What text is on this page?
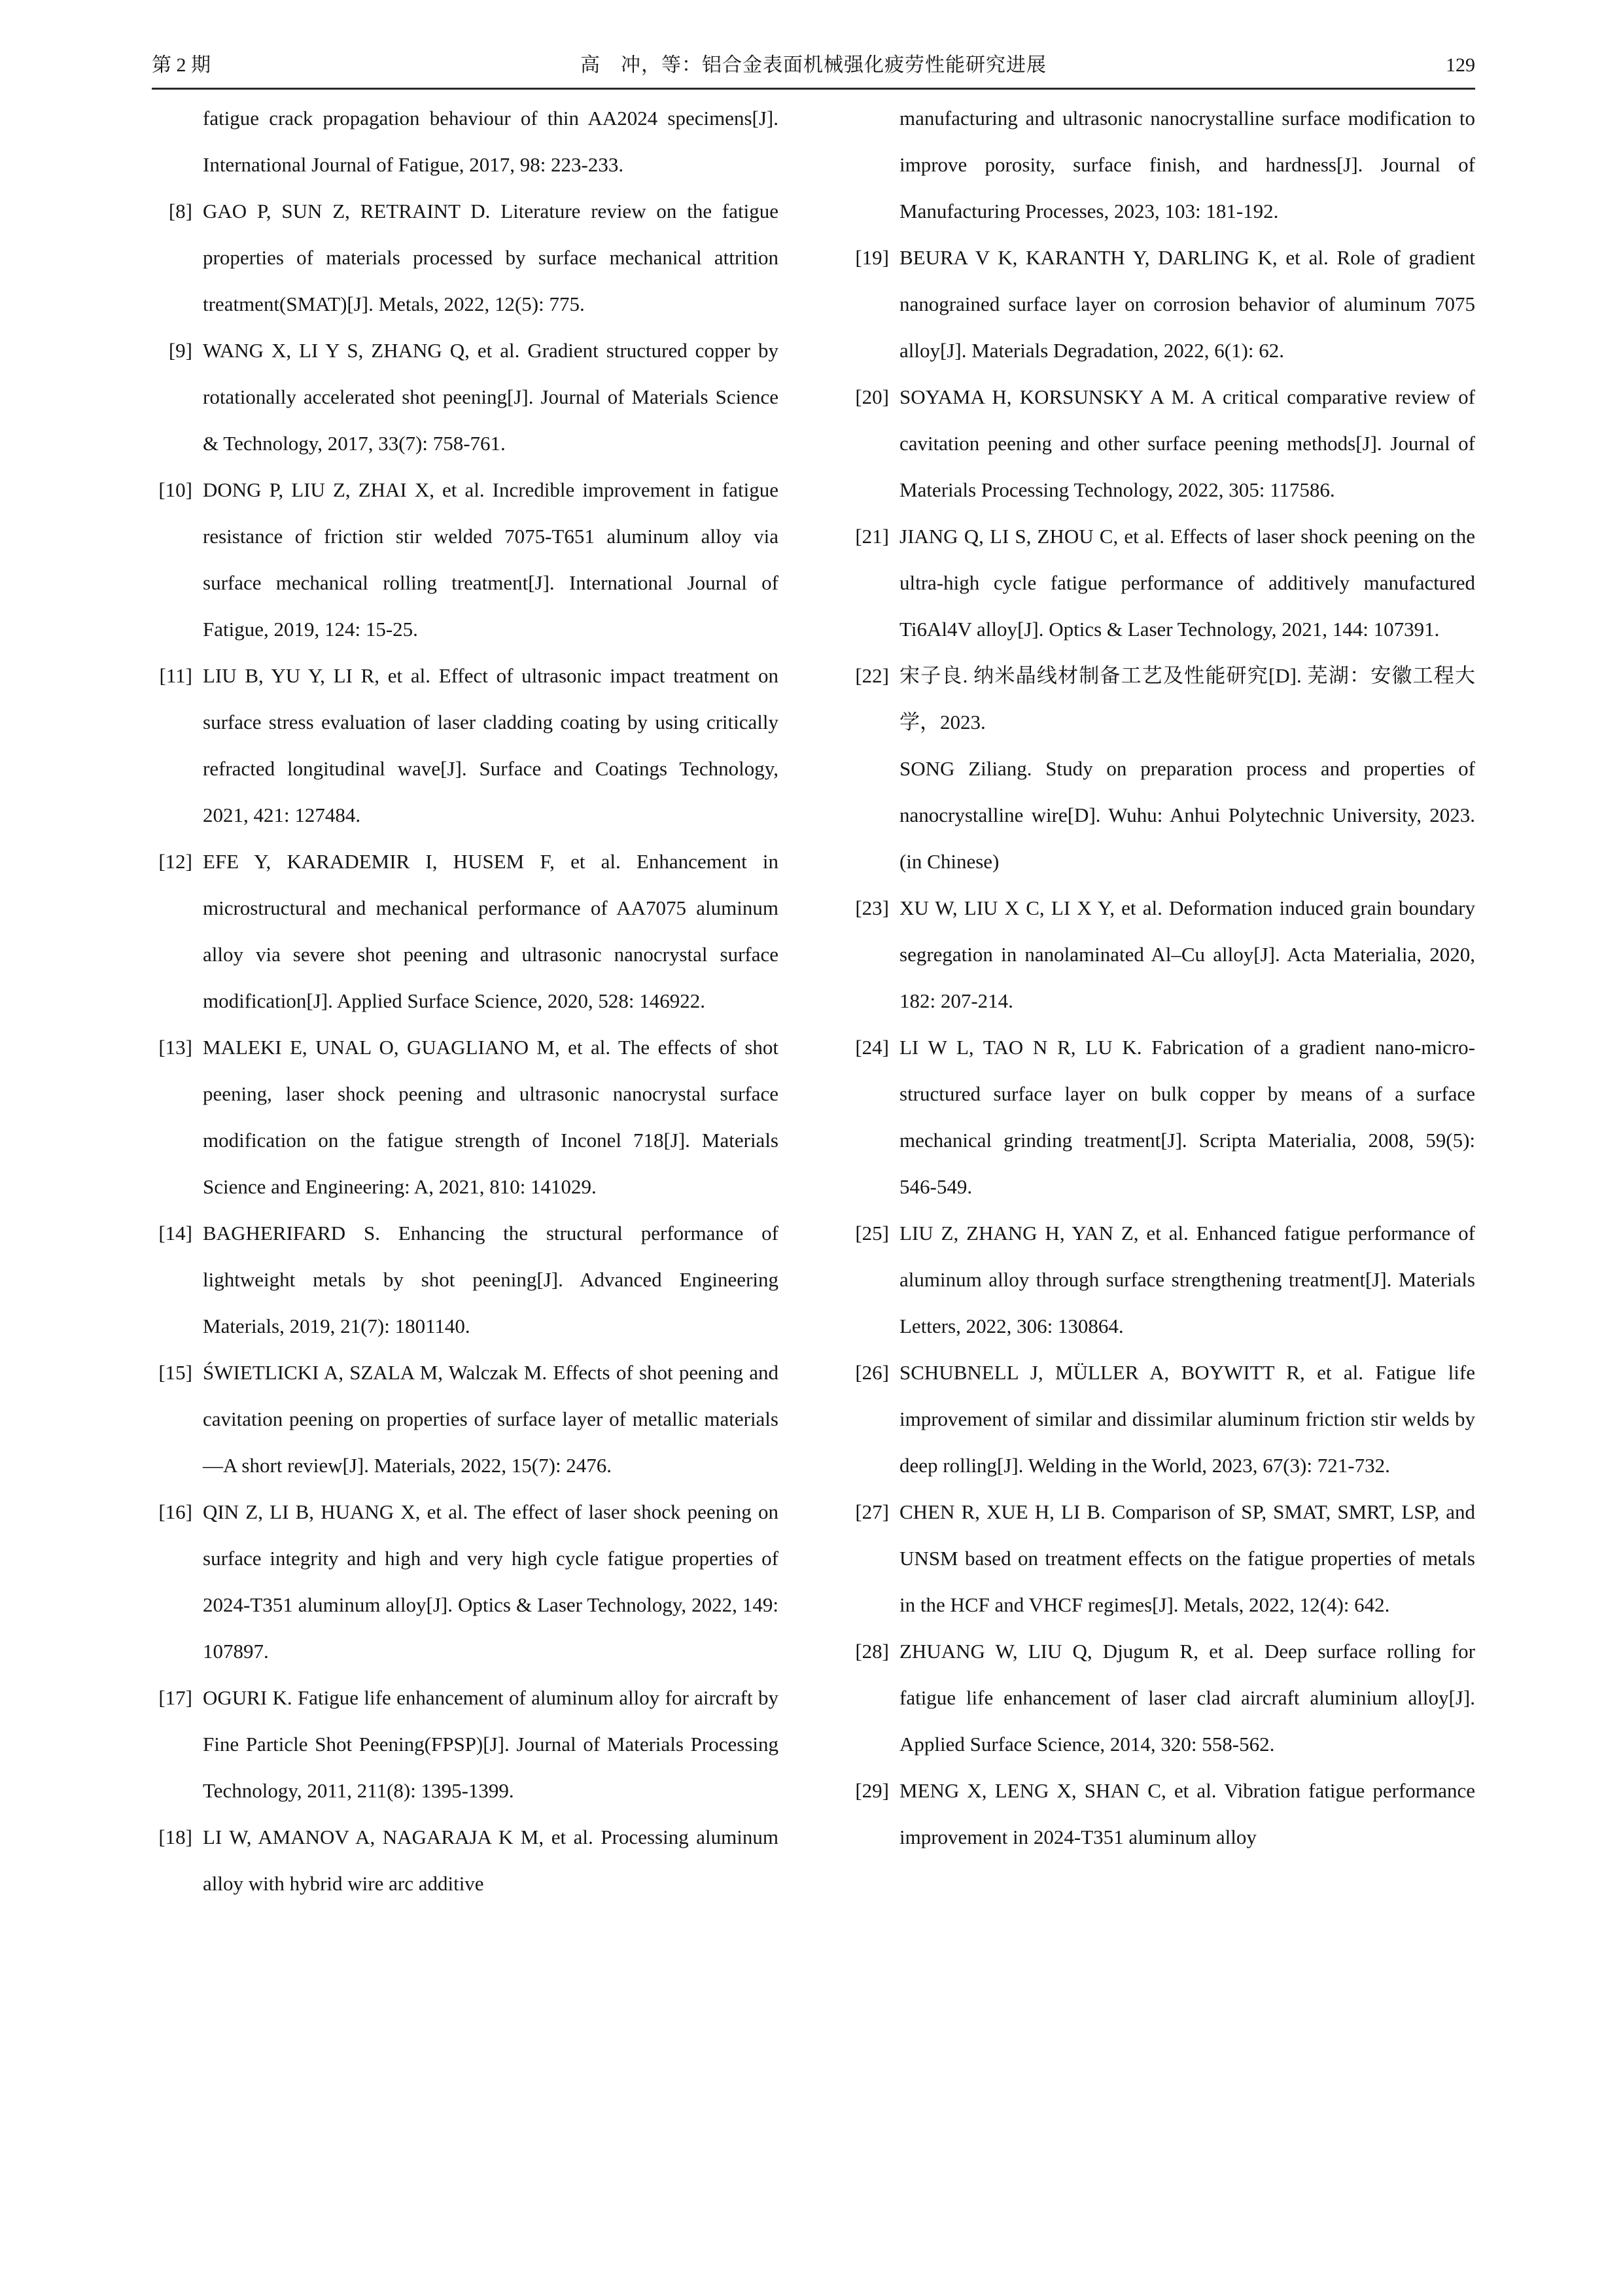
第 2 期	高　冲，等：铝合金表面机械强化疲劳性能研究进展	129
fatigue crack propagation behaviour of thin AA2024 specimens[J]. International Journal of Fatigue, 2017, 98: 223-233.
[8] GAO P, SUN Z, RETRAINT D. Literature review on the fatigue properties of materials processed by surface mechanical attrition treatment(SMAT)[J]. Metals, 2022, 12(5): 775.
[9] WANG X, LI Y S, ZHANG Q, et al. Gradient structured copper by rotationally accelerated shot peening[J]. Journal of Materials Science & Technology, 2017, 33(7): 758-761.
[10] DONG P, LIU Z, ZHAI X, et al. Incredible improvement in fatigue resistance of friction stir welded 7075-T651 aluminum alloy via surface mechanical rolling treatment[J]. International Journal of Fatigue, 2019, 124: 15-25.
[11] LIU B, YU Y, LI R, et al. Effect of ultrasonic impact treatment on surface stress evaluation of laser cladding coating by using critically refracted longitudinal wave[J]. Surface and Coatings Technology, 2021, 421: 127484.
[12] EFE Y, KARADEMIR I, HUSEM F, et al. Enhancement in microstructural and mechanical performance of AA7075 aluminum alloy via severe shot peening and ultrasonic nanocrystal surface modification[J]. Applied Surface Science, 2020, 528: 146922.
[13] MALEKI E, UNAL O, GUAGLIANO M, et al. The effects of shot peening, laser shock peening and ultrasonic nanocrystal surface modification on the fatigue strength of Inconel 718[J]. Materials Science and Engineering: A, 2021, 810: 141029.
[14] BAGHERIFARD S. Enhancing the structural performance of lightweight metals by shot peening[J]. Advanced Engineering Materials, 2019, 21(7): 1801140.
[15] ŚWIETLICKI A, SZALA M, Walczak M. Effects of shot peening and cavitation peening on properties of surface layer of metallic materials—A short review[J]. Materials, 2022, 15(7): 2476.
[16] QIN Z, LI B, HUANG X, et al. The effect of laser shock peening on surface integrity and high and very high cycle fatigue properties of 2024-T351 aluminum alloy[J]. Optics & Laser Technology, 2022, 149: 107897.
[17] OGURI K. Fatigue life enhancement of aluminum alloy for aircraft by Fine Particle Shot Peening(FPSP)[J]. Journal of Materials Processing Technology, 2011, 211(8): 1395-1399.
[18] LI W, AMANOV A, NAGARAJA K M, et al. Processing aluminum alloy with hybrid wire arc additive
manufacturing and ultrasonic nanocrystalline surface modification to improve porosity, surface finish, and hardness[J]. Journal of Manufacturing Processes, 2023, 103: 181-192.
[19] BEURA V K, KARANTH Y, DARLING K, et al. Role of gradient nanograined surface layer on corrosion behavior of aluminum 7075 alloy[J]. Materials Degradation, 2022, 6(1): 62.
[20] SOYAMA H, KORSUNSKY A M. A critical comparative review of cavitation peening and other surface peening methods[J]. Journal of Materials Processing Technology, 2022, 305: 117586.
[21] JIANG Q, LI S, ZHOU C, et al. Effects of laser shock peening on the ultra-high cycle fatigue performance of additively manufactured Ti6Al4V alloy[J]. Optics & Laser Technology, 2021, 144: 107391.
[22] 宋子良. 纳米晶线材制备工艺及性能研究[D]. 芜湖：安徽工程大学，2023.
SONG Ziliang. Study on preparation process and properties of nanocrystalline wire[D]. Wuhu: Anhui Polytechnic University, 2023. (in Chinese)
[23] XU W, LIU X C, LI X Y, et al. Deformation induced grain boundary segregation in nanolaminated Al–Cu alloy[J]. Acta Materialia, 2020, 182: 207-214.
[24] LI W L, TAO N R, LU K. Fabrication of a gradient nano-micro-structured surface layer on bulk copper by means of a surface mechanical grinding treatment[J]. Scripta Materialia, 2008, 59(5): 546-549.
[25] LIU Z, ZHANG H, YAN Z, et al. Enhanced fatigue performance of aluminum alloy through surface strengthening treatment[J]. Materials Letters, 2022, 306: 130864.
[26] SCHUBNELL J, MÜLLER A, BOYWITT R, et al. Fatigue life improvement of similar and dissimilar aluminum friction stir welds by deep rolling[J]. Welding in the World, 2023, 67(3): 721-732.
[27] CHEN R, XUE H, LI B. Comparison of SP, SMAT, SMRT, LSP, and UNSM based on treatment effects on the fatigue properties of metals in the HCF and VHCF regimes[J]. Metals, 2022, 12(4): 642.
[28] ZHUANG W, LIU Q, Djugum R, et al. Deep surface rolling for fatigue life enhancement of laser clad aircraft aluminium alloy[J]. Applied Surface Science, 2014, 320: 558-562.
[29] MENG X, LENG X, SHAN C, et al. Vibration fatigue performance improvement in 2024-T351 aluminum alloy
